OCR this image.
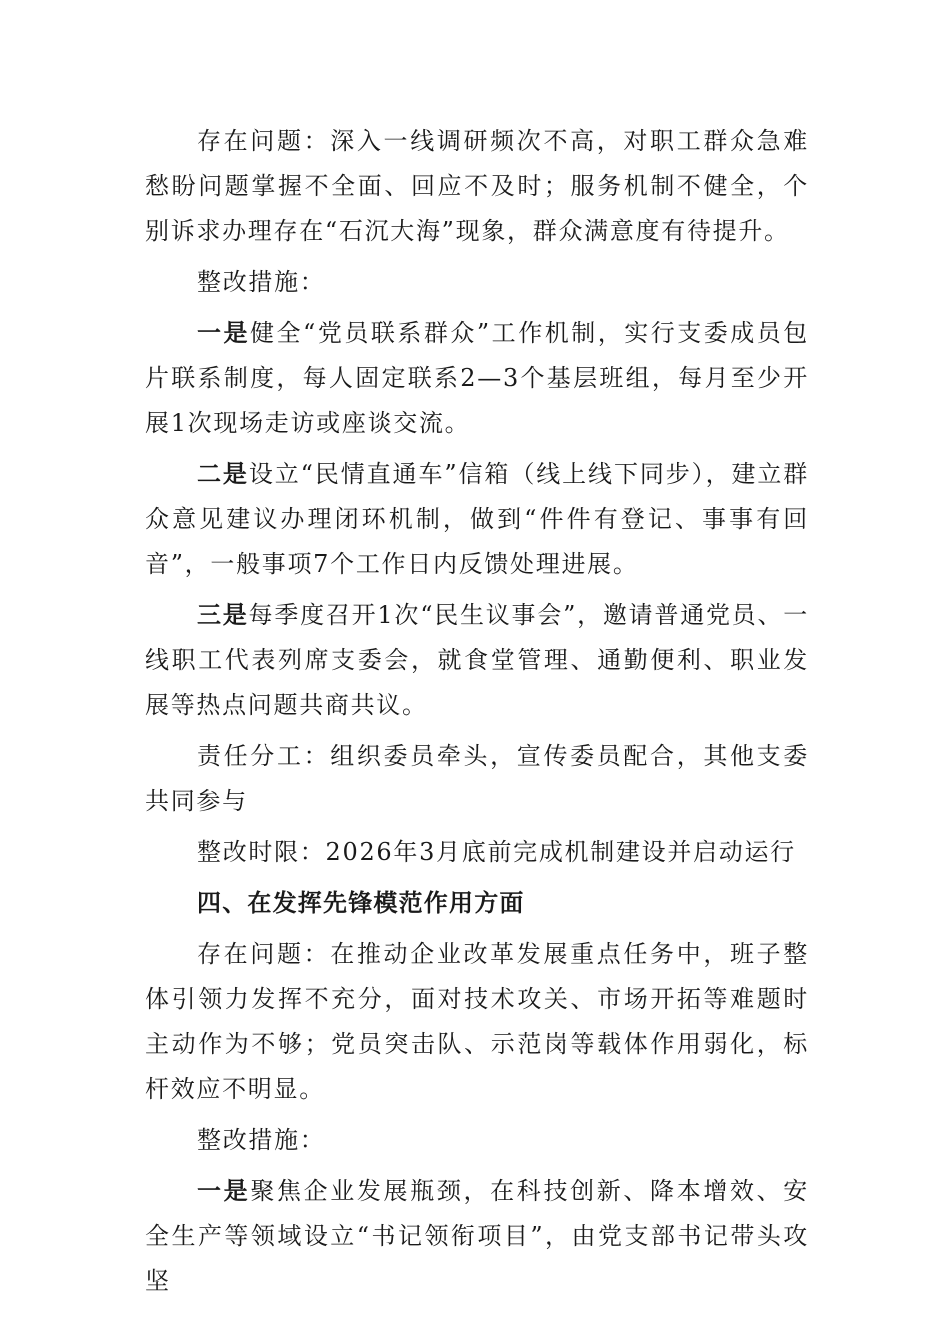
存在问题：深入一线调研频次不高，对职工群众急难愁盼问题掌握不全面、回应不及时；服务机制不健全，个别诉求办理存在“石沉大海”现象，群众满意度有待提升。

整改措施：

一是健全“党员联系群众”工作机制，实行支委成员包片联系制度，每人固定联系2—3个基层班组，每月至少开展1次现场走访或座谈交流。

二是设立“民情直通车”信箱（线上线下同步），建立群众意见建议办理闭环机制，做到“件件有登记、事事有回音”，一般事项7个工作日内反馈处理进展。

三是每季度召开1次“民生议事会”，邀请普通党员、一线职工代表列席支委会，就食堂管理、通勤便利、职业发展等热点问题共商共议。

责任分工：组织委员牵头，宣传委员配合，其他支委共同参与

整改时限：2026年3月底前完成机制建设并启动运行

四、在发挥先锋模范作用方面

存在问题：在推动企业改革发展重点任务中，班子整体引领力发挥不充分，面对技术攻关、市场开拓等难题时主动作为不够；党员突击队、示范岗等载体作用弱化，标杆效应不明显。

整改措施：

一是聚焦企业发展瓶颈，在科技创新、降本增效、安全生产等领域设立“书记领衔项目”，由党支部书记带头攻坚
